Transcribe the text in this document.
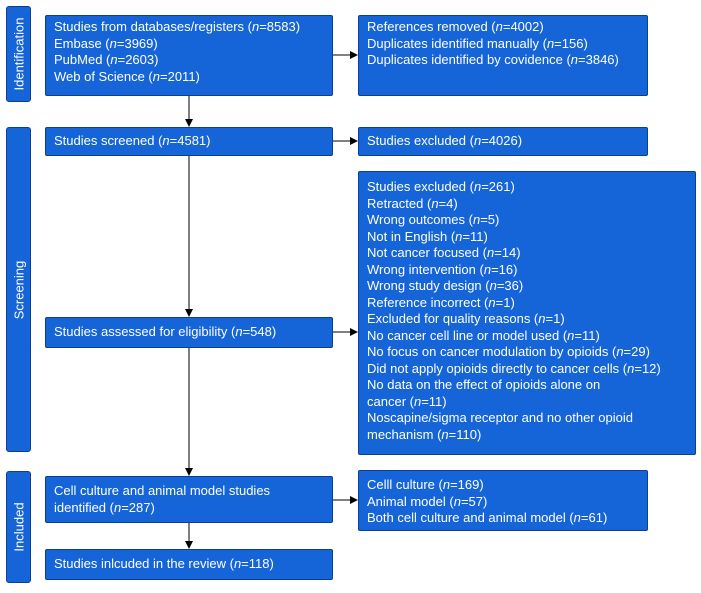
Identification
Screening
Included
Studies from databases/registers (n=8583)
Embase (n=3969)
PubMed (n=2603)
Web of Science (n=2011)
References removed (n=4002)
Duplicates identified manually (n=156)
Duplicates identified by covidence (n=3846)
Studies screened (n=4581)	Studies excluded (n=4026)
Studies excluded (n=261)
Retracted (n=4)
Wrong outcomes (n=5)
Not in English (n=11)
Not cancer focused (n=14)
Wrong intervention (n=16)
Wrong study design (n=36)
Reference incorrect (n=1)
Excluded for quality reasons (n=1)
No cancer cell line or model used (n=11)
No focus on cancer modulation by opioids (n=29)
Did not apply opioids directly to cancer cells (n=12)
No data on the effect of opioids alone on
cancer (n=11)
Noscapine/sigma receptor and no other opioid
mechanism (n=110)
Studies assessed for eligibility (n=548)
Cell culture and animal model studies
identified (n=287)
Celll culture (n=169)
Animal model (n=57)
Both cell culture and animal model (n=61)
Studies inlcuded in the review (n=118)
